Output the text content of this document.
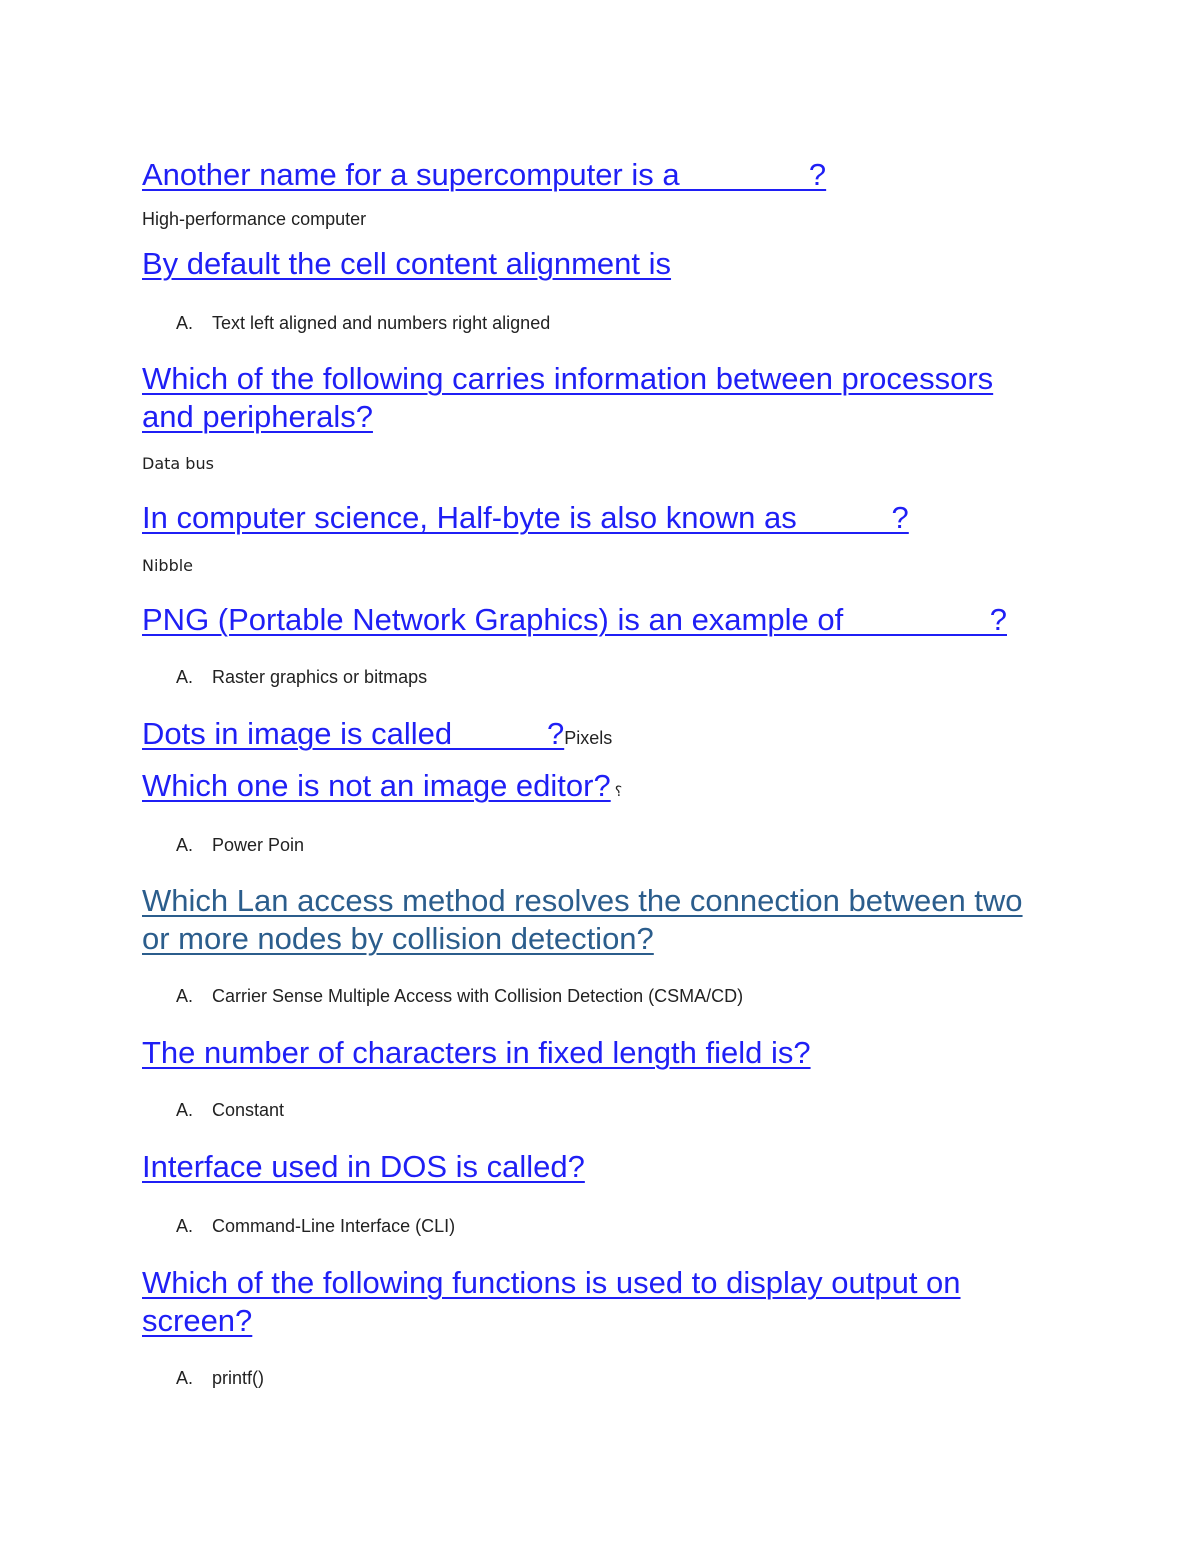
Another name for a supercomputer is a _______?
High-performance computer
By default the cell content alignment is
A. Text left aligned and numbers right aligned
Which of the following carries information between processors and peripherals?
Data bus
In computer science, Half-byte is also known as _____?
Nibble
PNG (Portable Network Graphics) is an example of ________?
A. Raster graphics or bitmaps
Dots in image is called _____?Pixels
Which one is not an image editor? ؟
A. Power Poin
Which Lan access method resolves the connection between two or more nodes by collision detection?
A. Carrier Sense Multiple Access with Collision Detection (CSMA/CD)
The number of characters in fixed length field is?
A. Constant
Interface used in DOS is called?
A. Command-Line Interface (CLI)
Which of the following functions is used to display output on screen?
A. printf()
